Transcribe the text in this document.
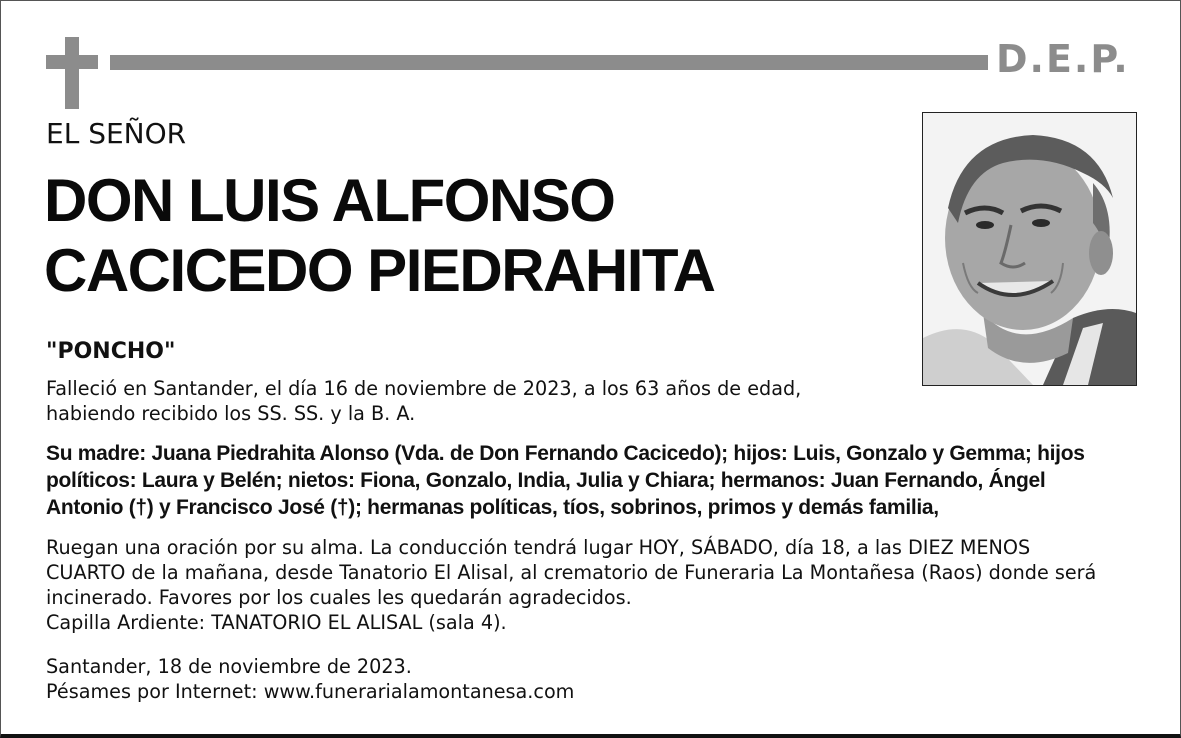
D.E.P.
EL SEÑOR
DON LUIS ALFONSO
CACICEDO PIEDRAHITA
"PONCHO"
Falleció en Santander, el día 16 de noviembre de 2023, a los 63 años de edad,
habiendo recibido los SS. SS. y la B. A.
Su madre: Juana Piedrahita Alonso (Vda. de Don Fernando Cacicedo); hijos: Luis, Gonzalo y Gemma; hijos
políticos: Laura y Belén; nietos: Fiona, Gonzalo, India, Julia y Chiara; hermanos: Juan Fernando, Ángel
Antonio (†) y Francisco José (†); hermanas políticas, tíos, sobrinos, primos y demás familia,
Ruegan una oración por su alma. La conducción tendrá lugar HOY, SÁBADO, día 18, a las DIEZ MENOS
CUARTO de la mañana, desde Tanatorio El Alisal, al crematorio de Funeraria La Montañesa (Raos) donde será
incinerado. Favores por los cuales les quedarán agradecidos.
Capilla Ardiente: TANATORIO EL ALISAL (sala 4).
Santander, 18 de noviembre de 2023.
Pésames por Internet: www.funerarialamontanesa.com
